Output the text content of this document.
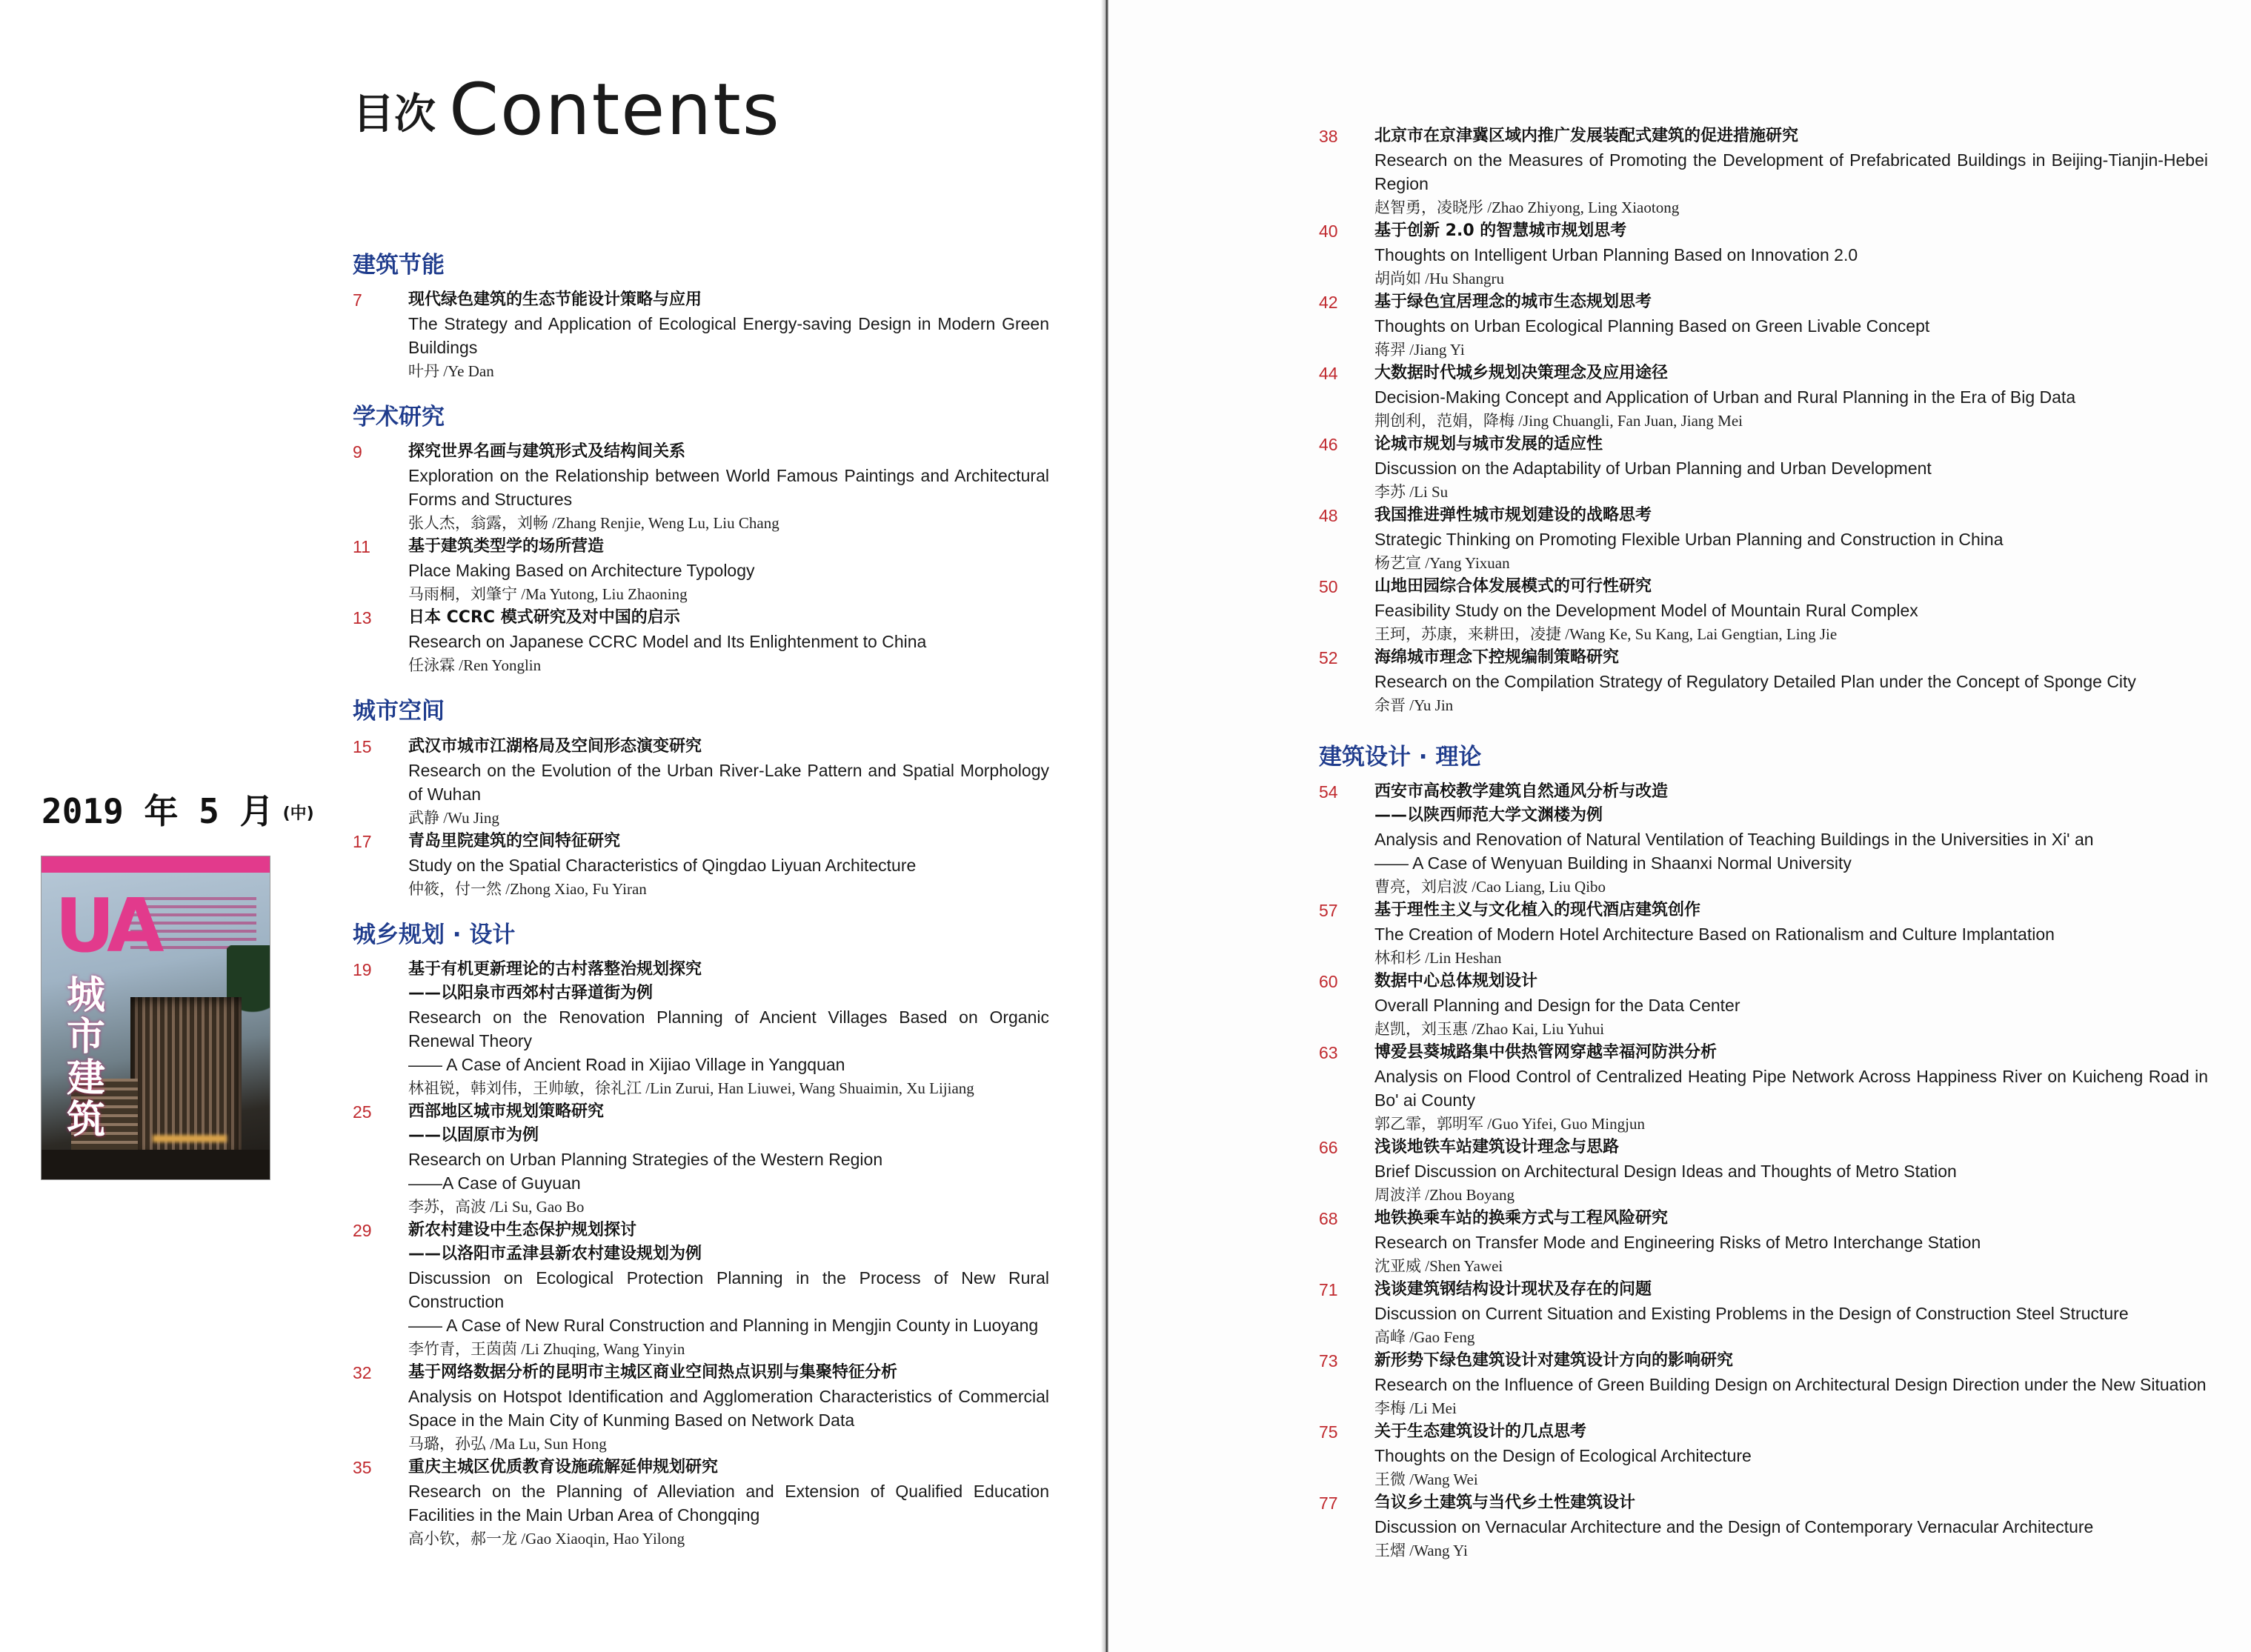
目次 Contents
2019 年 5 月 (中)
UA
城市建筑
建筑节能
7	现代绿色建筑的生态节能设计策略与应用
The Strategy and Application of Ecological Energy-saving Design in Modern Green Buildings
叶丹 /Ye Dan
学术研究
9	探究世界名画与建筑形式及结构间关系
Exploration on the Relationship between World Famous Paintings and Architectural Forms and Structures
张人杰，翁露，刘畅 /Zhang Renjie, Weng Lu, Liu Chang
11 基于建筑类型学的场所营造
Place Making Based on Architecture Typology
马雨桐，刘肇宁 /Ma Yutong, Liu Zhaoning
13 日本 CCRC 模式研究及对中国的启示
Research on Japanese CCRC Model and Its Enlightenment to China
任泳霖 /Ren Yonglin
城市空间
15 武汉市城市江湖格局及空间形态演变研究
Research on the Evolution of the Urban River-Lake Pattern and Spatial Morphology of Wuhan
武静 /Wu Jing
17 青岛里院建筑的空间特征研究
Study on the Spatial Characteristics of Qingdao Liyuan Architecture
仲筱，付一然 /Zhong Xiao, Fu Yiran
城乡规划 · 设计
19 基于有机更新理论的古村落整治规划探究
——以阳泉市西郊村古驿道街为例
Research on the Renovation Planning of Ancient Villages Based on Organic Renewal Theory
—— A Case of Ancient Road in Xijiao Village in Yangquan
林祖锐，韩刘伟，王帅敏，徐礼江 /Lin Zurui, Han Liuwei, Wang Shuaimin, Xu Lijiang
25 西部地区城市规划策略研究
——以固原市为例
Research on Urban Planning Strategies of the Western Region
——A Case of Guyuan
李苏，高波 /Li Su, Gao Bo
29 新农村建设中生态保护规划探讨
——以洛阳市孟津县新农村建设规划为例
Discussion on Ecological Protection Planning in the Process of New Rural Construction
—— A Case of New Rural Construction and Planning in Mengjin County in Luoyang
李竹青，王茵茵 /Li Zhuqing, Wang Yinyin
32 基于网络数据分析的昆明市主城区商业空间热点识别与集聚特征分析
Analysis on Hotspot Identification and Agglomeration Characteristics of Commercial Space in the Main City of Kunming Based on Network Data
马璐，孙弘 /Ma Lu, Sun Hong
35 重庆主城区优质教育设施疏解延伸规划研究
Research on the Planning of Alleviation and Extension of Qualified Education Facilities in the Main Urban Area of Chongqing
高小钦，郝一龙 /Gao Xiaoqin, Hao Yilong
38 北京市在京津冀区域内推广发展装配式建筑的促进措施研究
Research on the Measures of Promoting the Development of Prefabricated Buildings in Beijing-Tianjin-Hebei Region
赵智勇，凌晓彤 /Zhao Zhiyong, Ling Xiaotong
40 基于创新 2.0 的智慧城市规划思考
Thoughts on Intelligent Urban Planning Based on Innovation 2.0
胡尚如 /Hu Shangru
42 基于绿色宜居理念的城市生态规划思考
Thoughts on Urban Ecological Planning Based on Green Livable Concept
蒋羿 /Jiang Yi
44 大数据时代城乡规划决策理念及应用途径
Decision-Making Concept and Application of Urban and Rural Planning in the Era of Big Data
荆创利，范娟，降梅 /Jing Chuangli, Fan Juan, Jiang Mei
46 论城市规划与城市发展的适应性
Discussion on the Adaptability of Urban Planning and Urban Development
李苏 /Li Su
48 我国推进弹性城市规划建设的战略思考
Strategic Thinking on Promoting Flexible Urban Planning and Construction in China
杨艺宣 /Yang Yixuan
50 山地田园综合体发展模式的可行性研究
Feasibility Study on the Development Model of Mountain Rural Complex
王珂，苏康，来耕田，凌捷 /Wang Ke, Su Kang, Lai Gengtian, Ling Jie
52 海绵城市理念下控规编制策略研究
Research on the Compilation Strategy of Regulatory Detailed Plan under the Concept of Sponge City
余晋 /Yu Jin
建筑设计 · 理论
54 西安市高校教学建筑自然通风分析与改造
——以陕西师范大学文渊楼为例
Analysis and Renovation of Natural Ventilation of Teaching Buildings in the Universities in Xi' an
—— A Case of Wenyuan Building in Shaanxi Normal University
曹亮，刘启波 /Cao Liang, Liu Qibo
57 基于理性主义与文化植入的现代酒店建筑创作
The Creation of Modern Hotel Architecture Based on Rationalism and Culture Implantation
林和杉 /Lin Heshan
60 数据中心总体规划设计
Overall Planning and Design for the Data Center
赵凯，刘玉惠 /Zhao Kai, Liu Yuhui
63 博爱县葵城路集中供热管网穿越幸福河防洪分析
Analysis on Flood Control of Centralized Heating Pipe Network Across Happiness River on Kuicheng Road in Bo' ai County
郭乙霏，郭明军 /Guo Yifei, Guo Mingjun
66 浅谈地铁车站建筑设计理念与思路
Brief Discussion on Architectural Design Ideas and Thoughts of Metro Station
周波洋 /Zhou Boyang
68 地铁换乘车站的换乘方式与工程风险研究
Research on Transfer Mode and Engineering Risks of Metro Interchange Station
沈亚威 /Shen Yawei
71 浅谈建筑钢结构设计现状及存在的问题
Discussion on Current Situation and Existing Problems in the Design of Construction Steel Structure
高峰 /Gao Feng
73 新形势下绿色建筑设计对建筑设计方向的影响研究
Research on the Influence of Green Building Design on Architectural Design Direction under the New Situation
李梅 /Li Mei
75 关于生态建筑设计的几点思考
Thoughts on the Design of Ecological Architecture
王微 /Wang Wei
77 刍议乡土建筑与当代乡土性建筑设计
Discussion on Vernacular Architecture and the Design of Contemporary Vernacular Architecture
王熠 /Wang Yi
